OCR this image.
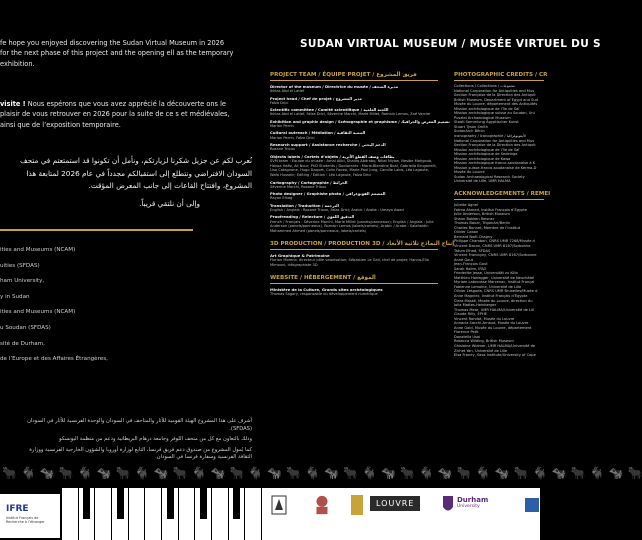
fe hope you enjoyed discovering the Sudan Virtual Museum in 2026 for the next phase of this project and the opening ell as the temporary exhibition.

visite ! Nous espérons que vous avez apprécié la découverte ons le plaisir de vous retrouver en 2026 pour la suite de ce s et médiévales, ainsi que de l’exposition temporaire.

نُعرب لكم عن جزيل شكرنا لزيارتكم، ونأمل أن تكونوا قد استمتعتم في متحف السودان الافتراضي ونتطلع إلى استقبالكم مجدداً في عام 2026 لمتابعة هذا المشروع، وافتتاح القاعات إلى جانب المعرض المؤقت.

وإلى أن نلتقي قريباً.

ities and Museums (NCAM)

uities (SFDAS)

ham University,

y in Sudan

ities and Museums (NCAM)

u Soudan (SFDAS)

sité de Durham,

de l’Europe et des Affaires Étrangères,

أشرف على هذا المشروع الهيئة القومية للآثار والمتاحف في السودان والوحدة الفرنسية للآثار في السودان (SFDAS).

وذلك بالتعاون مع كل من متحف اللوفر وجامعة درهام البريطانية ودعم من منظمة اليونسكو

كما يُمول المشروع من صندوق دعم فريق فرنسا، التابع لوزارة أوروبا والشؤون الخارجية الفرنسية ووزارة الثقافة الفرنسية وسفارة فرنسا في السودان.

SUDAN VIRTUAL MUSEUM / MUSÉE VIRTUEL DU S
PROJECT TEAM / ÉQUIPE PROJET / فريق المشروع
Director of the museum / Directrice du musée / مديرة المتحف
Ikhlas Abd el Latief
Project head / Chef de projet / مدير المشروع
Faïza Drici
Scientific committee / Comité scientifique / اللجنة العلمية
Ikhlas Abd el Latief, Faïza Drici, Séverine Marchi, Marie Millet, Romain Lemos, Zoé Vercier
Exhibition and graphic design / Scénographie et graphisme / تصميم المعرض والجرافيك
Marion Perrin
Cultural outreach / Médiation / التنمية الثقافية
Marion Perrin, Faïza Drici
Research support / Assistance recherche / الدعم البحثي
Roxane Trioux
Objects labels / Cartels d’objets / بطاقات وصف القطع الأثرية
SVM team : Equipe du musée : Amal Alibi, Shadia Abdrabo, Nibal Niyaw, Nesibe Mahgoub, Hanoa Hafiz, Ali Nour; PhD Students / Doctorants : Marie-Blandine Boal, Gabriella Bruganelli, Lisa Catagnone, Hugo Daquet, Colin Faussi, Marie-Paul Jung, Camille Labis, Léa Lagoute, Wafa Hussein; Editing / Édition : Léa Lagoute, Faïza Drici
Cartography / Cartographie / الخرائط
Séverine Marchi, Roxane Trioux
Photo designer / Graphiste photo / المصمم الفوتوغرافي
Rayan Elhag
Translation / Traduction / الترجمة
English / Anglais : Roxane Trioux, Faïza Drici; Arabic / Arabe : Umayo Awad
Proofreading / Relecture / التدقيق اللغوي
French / Français : Séverine Marchi, Marie Millet (panels/panneaux); English / Anglais : Julie Anderson (panels/panneaux), Romain Lemos (labels/cartels); Arabic / Arabe : Salahaldin Mohammed Ahmed (panels/panneaux, labels/cartels)
3D PRODUCTION / PRODUCTION 3D / إنتاج النماذج ثلاثية الأبعاد
Art Graphique & Patrimoine
Florian Moreno, directeur pôle valorisation; Sébastien Le Gall, chef de projet; Hanna-Ella Mimouni, infographiste 3D
WEBSITE / HÉBERGEMENT / الموقع
Ministère de la Culture, Grands sites archéologiques
Thomas Sagory, responsable du développement numérique
PHOTOGRAPHIC CREDITS / CR
Collections / Collections / مجموعات
National Corporation for Antiquities and Mus
Section Française de la Direction des Antiquit
British Museum, Department of Egypt and Sud
Musée du Louvre, département des Antiquités
Mission archéologique de l’île de Saï
Mission archéologique suisse au Soudan, Uni
Pusztai Archaeological Museum
Staatl Sammlung Ägyptischer Kunst
Stuart Tyson Smith
SudanArch Bénin
Iconography / Iconographie / الأيقونوغرافيا
National Corporation for Antiquities and Mus
Section Française de la Direction des Antiquit
Mission archéologique de l’île de Saï
Mission archéologique de Sedeinga
Mission archéologique de Kawa
Mission archéologique franco-soudanaise à K
Mission suisse-franco-soudanaise de Kerma-D
Musée du Louvre
Sudan Archaeological Research Society
Université de Lille, UMR HALMA
ACKNOWLEDGEMENTS / REMEI
Juliette Agnel
Fatma Ahmed, Institut Français d’Égypte
Julie Anderson, British Museum
Shaun Bakken Reisner
Thomas Bauer, TrigonArt/Berlin
Charles Bonnet, Membre de l’Institut
Olivier Cabon
Bernard Noël Chagny
Philippe Chambon, CNRS UMR 7268/Musée d
Vincent Dacon, CNRS UMR 8167/Sorbonne
Tatum Elhad, SFDAS
Vincent Francigny, CNRS UMR 8167/Sorbonne
Anne Gout
Jean-François Gout
Sarah Halim, IFAO
Friederike Jesse, Universität zu Köln
Matthieu Honegger, Université de Neuchâtel
Myriam Labrousse Marcenac, Institut Françai
Fabienne Lemoine, Université de Lille
Olivier Lesgoda, CNRS UMR Bruxelles/Musée d
Anne Magniez, Institut Français d’Égypte
Clara Massé, Musée du Louvre, direction du
Iolia Mattes-Heinberger
Thomas Mear, UMR HALMA/Université de Lill
Claude Rilly, EPHE
Vincent Rondot, Musée du Louvre
Annacia Sacchi-Arnaud, Musée du Louvre
Anne Gold, Musée du Louvre, département
Florence Petit
Donatella Usai
Rebecca Wilding, British Museum
Ghislaine Widmer, UMR HALMA/Université de
Zichet Yan, Université de Lille
Elsa Franey, Sasa Institute/University of Cope
🐂 🐐 🐄 🐂 🐐 🐄 🐂 🐐 🐄 🐂 🐐 🐄 🐂 🐐 🐄 🐂 🐐 🐄 🐂 🐐 🐄 🐂 🐐 🐄 🐂 🐐 🐄 🐂 🐐 🐄 🐂 🐐 🐄 🐂
IFRE
Institut Français de Recherche à l’étranger
LOUVRE	Durham
University
